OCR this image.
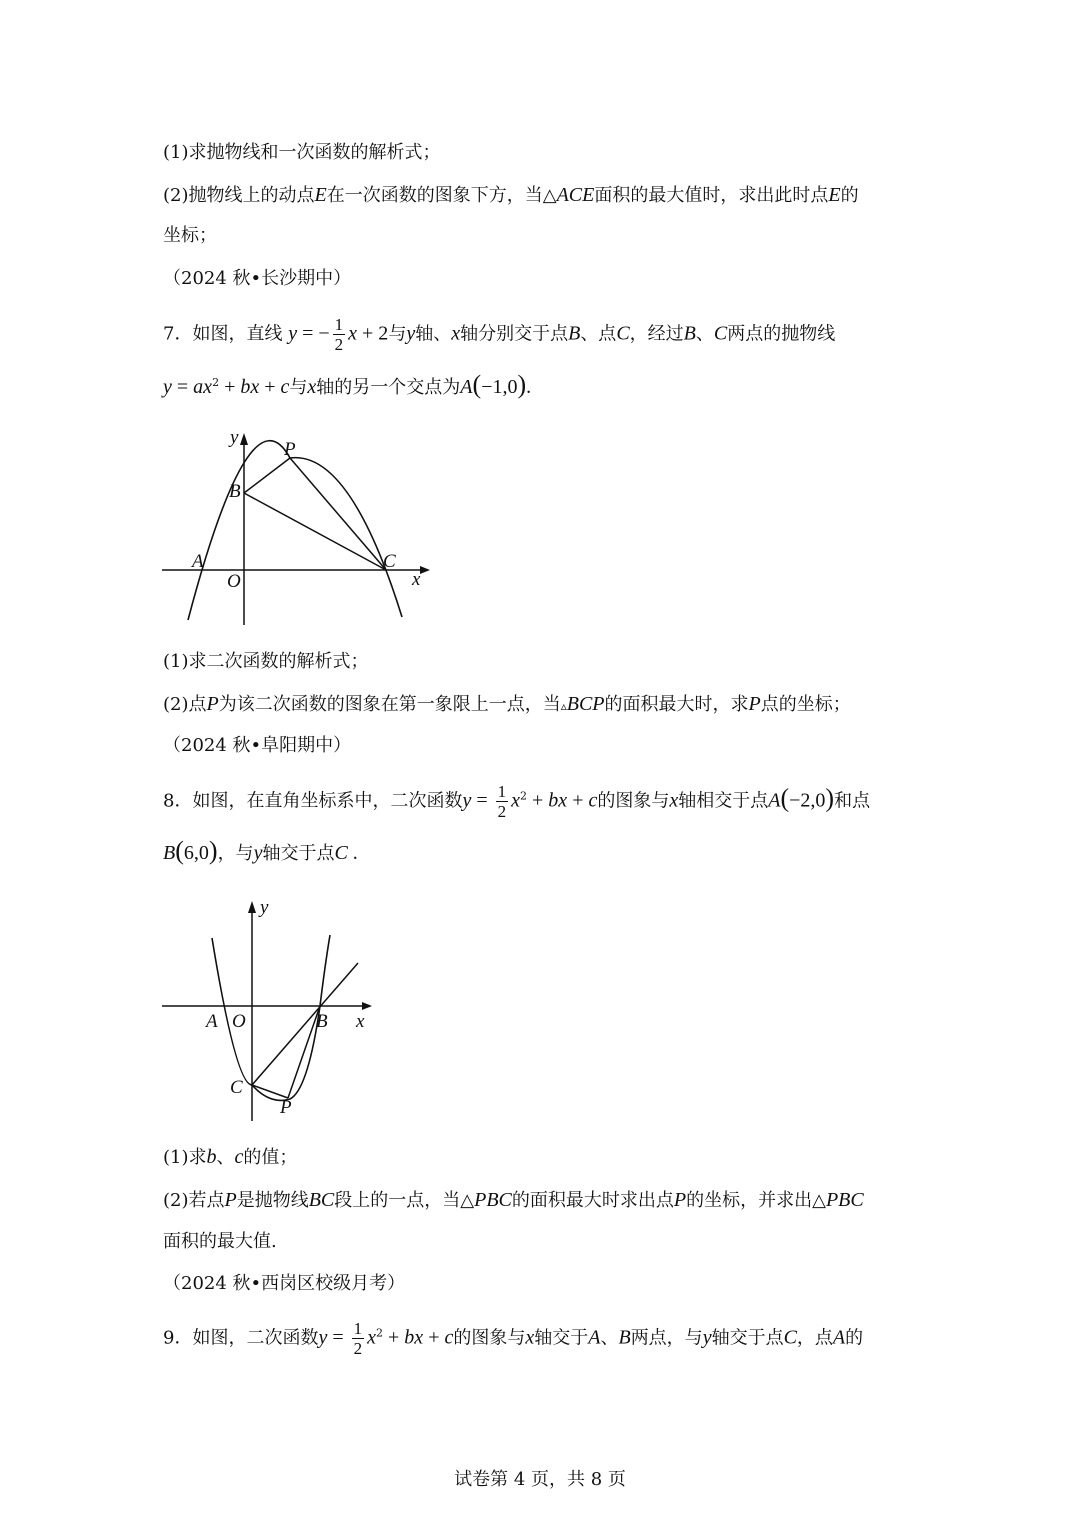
(1)求抛物线和一次函数的解析式；
(2)抛物线上的动点E在一次函数的图象下方，当△ACE面积的最大值时，求出此时点E的
坐标；
（2024 秋•长沙期中）
7．如图，直线 y = − $\frac{1}{2}$ x + 2与y轴、x轴分别交于点B、点C，经过B、C两点的抛物线
$y = ax^2$ + bx + c与x轴的另一个交点为A(−1,0).
y
P
B
A
O
C
x
(1)求二次函数的解析式；
(2)点P为该二次函数的图象在第一象限上一点，当▵BCP的面积最大时，求P点的坐标；
（2024 秋•阜阳期中）
8．如图，在直角坐标系中，二次函数$y = \frac{1}{2} x^2$ + bx + c的图象与x轴相交于点A(−2,0)和点
B(6,0)，与y轴交于点C .
y
A O	B x
C
P
(1)求b、c的值；
(2)若点P是抛物线BC段上的一点，当△PBC的面积最大时求出点P的坐标，并求出△PBC
面积的最大值.
（2024 秋•西岗区校级月考）
9．如图，二次函数$y = \frac{1}{2} x^2$ + bx + c的图象与x轴交于A、B两点，与y轴交于点C，点A的
试卷第 4 页，共 8 页
